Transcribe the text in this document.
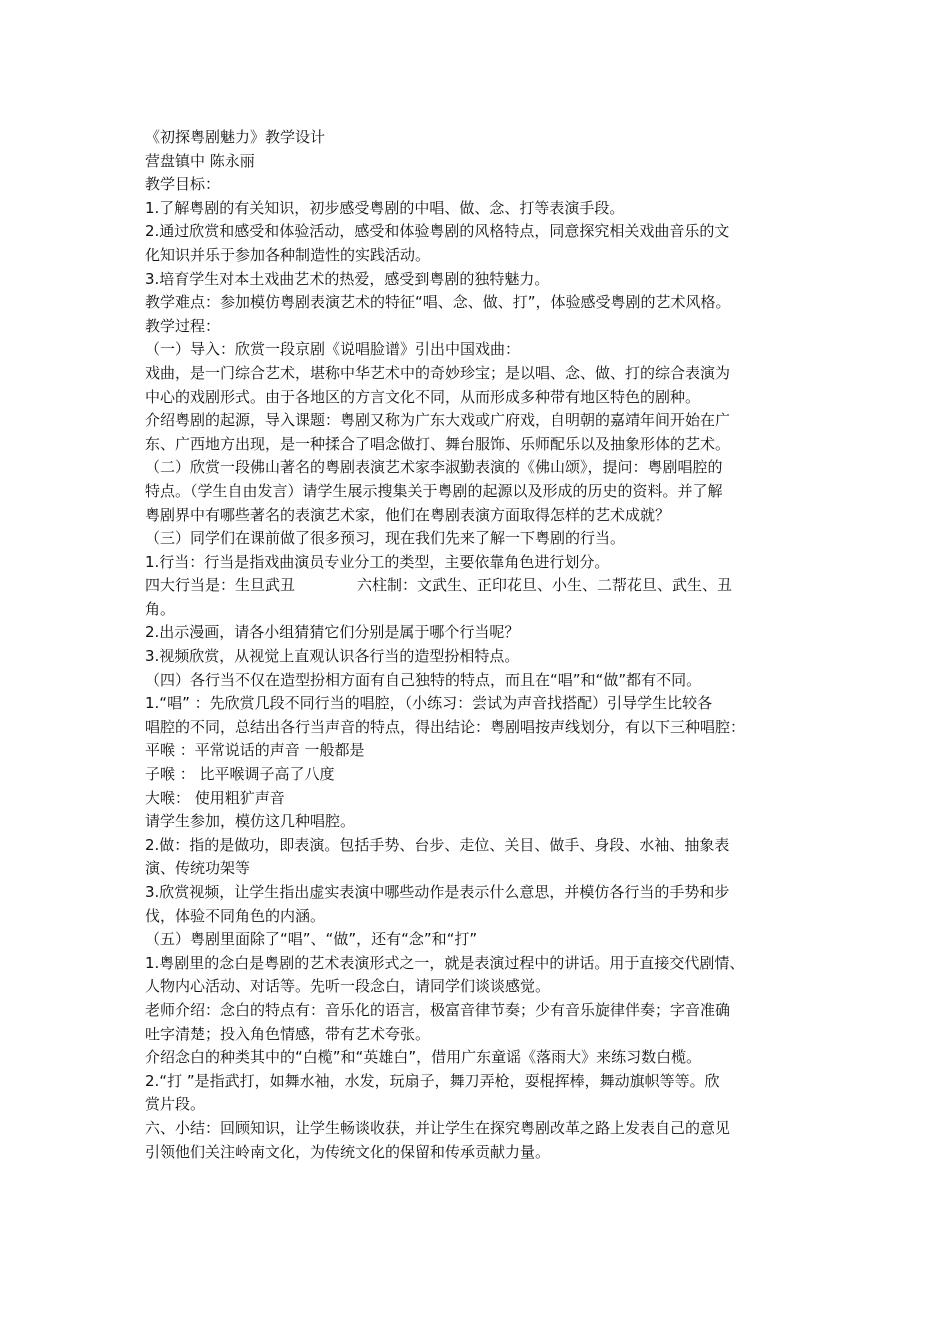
《初探粤剧魅力》教学设计

营盘镇中 陈永丽

教学目标：

1.了解粤剧的有关知识，初步感受粤剧的中唱、做、念、打等表演手段。

2.通过欣赏和感受和体验活动，感受和体验粤剧的风格特点，同意探究相关戏曲音乐的文

化知识并乐于参加各种制造性的实践活动。

3.培育学生对本土戏曲艺术的热爱，感受到粤剧的独特魅力。

教学难点：参加模仿粤剧表演艺术的特征“唱、念、做、打”，体验感受粤剧的艺术风格。

教学过程：

（一）导入：欣赏一段京剧《说唱脸谱》引出中国戏曲：

戏曲，是一门综合艺术，堪称中华艺术中的奇妙珍宝；是以唱、念、做、打的综合表演为

中心的戏剧形式。由于各地区的方言文化不同，从而形成多种带有地区特色的剧种。

介绍粤剧的起源，导入课题：粤剧又称为广东大戏或广府戏，自明朝的嘉靖年间开始在广

东、广西地方出现，是一种揉合了唱念做打、舞台服饰、乐师配乐以及抽象形体的艺术。

（二）欣赏一段佛山著名的粤剧表演艺术家李淑勤表演的《佛山颂》，提问：粤剧唱腔的

特点。（学生自由发言）请学生展示搜集关于粤剧的起源以及形成的历史的资料。并了解

粤剧界中有哪些著名的表演艺术家，他们在粤剧表演方面取得怎样的艺术成就？

（三）同学们在课前做了很多预习，现在我们先来了解一下粤剧的行当。

1.行当：行当是指戏曲演员专业分工的类型，主要依靠角色进行划分。

四大行当是：生旦武丑	六柱制：文武生、正印花旦、小生、二帮花旦、武生、丑

角。

2.出示漫画，请各小组猜猜它们分别是属于哪个行当呢？

3.视频欣赏，从视觉上直观认识各行当的造型扮相特点。

（四）各行当不仅在造型扮相方面有自己独特的特点，而且在“唱”和“做”都有不同。

1.“唱” ：先欣赏几段不同行当的唱腔，（小练习：尝试为声音找搭配）引导学生比较各

唱腔的不同，总结出各行当声音的特点，得出结论：粤剧唱按声线划分，有以下三种唱腔：

平喉 ：平常说话的声音 一般都是

子喉 ： 比平喉调子高了八度

大喉： 使用粗犷声音

请学生参加，模仿这几种唱腔。

2.做：指的是做功，即表演。包括手势、台步、走位、关目、做手、身段、水袖、抽象表

演、传统功架等

3.欣赏视频，让学生指出虚实表演中哪些动作是表示什么意思，并模仿各行当的手势和步

伐，体验不同角色的内涵。

（五）粤剧里面除了“唱”、“做”，还有“念”和“打”

1.粤剧里的念白是粤剧的艺术表演形式之一，就是表演过程中的讲话。用于直接交代剧情、

人物内心活动、对话等。先听一段念白，请同学们谈谈感觉。

老师介绍：念白的特点有：音乐化的语言，极富音律节奏；少有音乐旋律伴奏；字音准确

吐字清楚；投入角色情感，带有艺术夸张。

介绍念白的种类其中的“白榄”和“英雄白”，借用广东童谣《落雨大》来练习数白榄。

2.“打 ”是指武打，如舞水袖，水发，玩扇子，舞刀弄枪，耍棍挥棒，舞动旗帜等等。欣

赏片段。

六、小结：回顾知识，让学生畅谈收获，并让学生在探究粤剧改革之路上发表自己的意见

引领他们关注岭南文化，为传统文化的保留和传承贡献力量。
